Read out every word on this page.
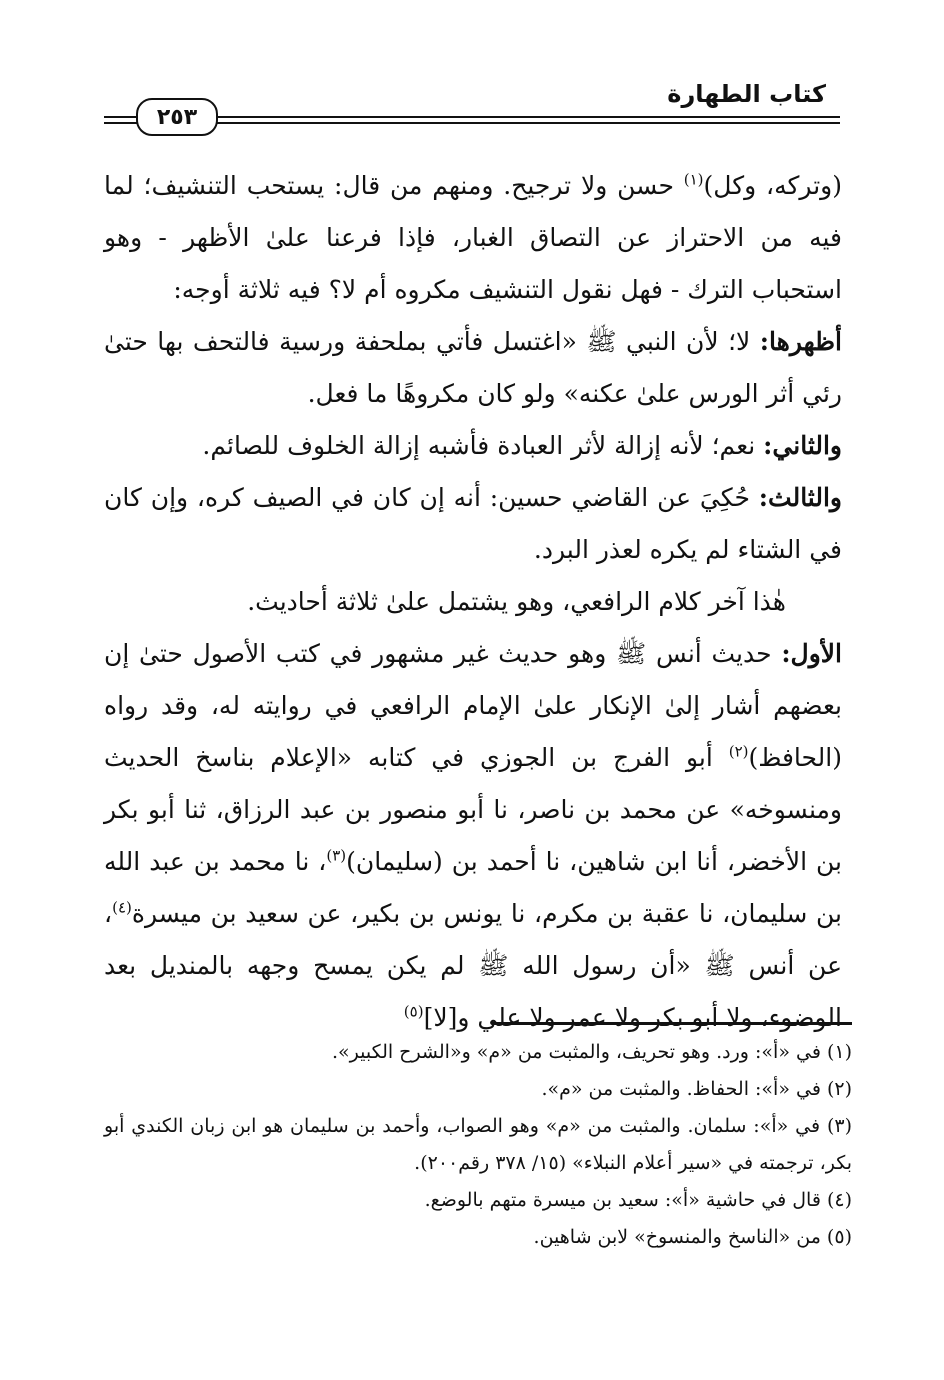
كتاب الطهارة
٢٥٣

(وتركه، وكل)$^{(١)}$ حسن ولا ترجيح. ومنهم من قال: يستحب التنشيف؛ لما فيه من الاحتراز عن التصاق الغبار، فإذا فرعنا علىٰ الأظهر - وهو استحباب الترك - فهل نقول التنشيف مكروه أم لا؟ فيه ثلاثة أوجه:

أظهرها: لا؛ لأن النبي ﷺ «اغتسل فأتي بملحفة ورسية فالتحف بها حتىٰ رئي أثر الورس علىٰ عكنه» ولو كان مكروهًا ما فعل.

والثاني: نعم؛ لأنه إزالة لأثر العبادة فأشبه إزالة الخلوف للصائم.

والثالث: حُكِيَ عن القاضي حسين: أنه إن كان في الصيف كره، وإن كان في الشتاء لم يكره لعذر البرد.

هٰذا آخر كلام الرافعي، وهو يشتمل علىٰ ثلاثة أحاديث.

الأول: حديث أنس ﷺ وهو حديث غير مشهور في كتب الأصول حتىٰ إن بعضهم أشار إلىٰ الإنكار علىٰ الإمام الرافعي في روايته له، وقد رواه (الحافظ)$^{(٢)}$ أبو الفرج بن الجوزي في كتابه «الإعلام بناسخ الحديث ومنسوخه» عن محمد بن ناصر، نا أبو منصور بن عبد الرزاق، ثنا أبو بكر بن الأخضر، أنا ابن شاهين، نا أحمد بن (سليمان)$^{(٣)}$، نا محمد بن عبد الله بن سليمان، نا عقبة بن مكرم، نا يونس بن بكير، عن سعيد بن ميسرة$^{(٤)}$، عن أنس ﷺ «أن رسول الله ﷺ لم يكن يمسح وجهه بالمنديل بعد الوضوء، ولا أبو بكر ولا عمر ولا علي و[لا]$^{(٥)}$

(١) في «أ»: ورد. وهو تحريف، والمثبت من «م» و«الشرح الكبير».
(٢) في «أ»: الحفاظ. والمثبت من «م».
(٣) في «أ»: سلمان. والمثبت من «م» وهو الصواب، وأحمد بن سليمان هو ابن زبان الكندي أبو بكر، ترجمته في «سير أعلام النبلاء» (١٥/ ٣٧٨ رقم٢٠٠).
(٤) قال في حاشية «أ»: سعيد بن ميسرة متهم بالوضع.
(٥) من «الناسخ والمنسوخ» لابن شاهين.
